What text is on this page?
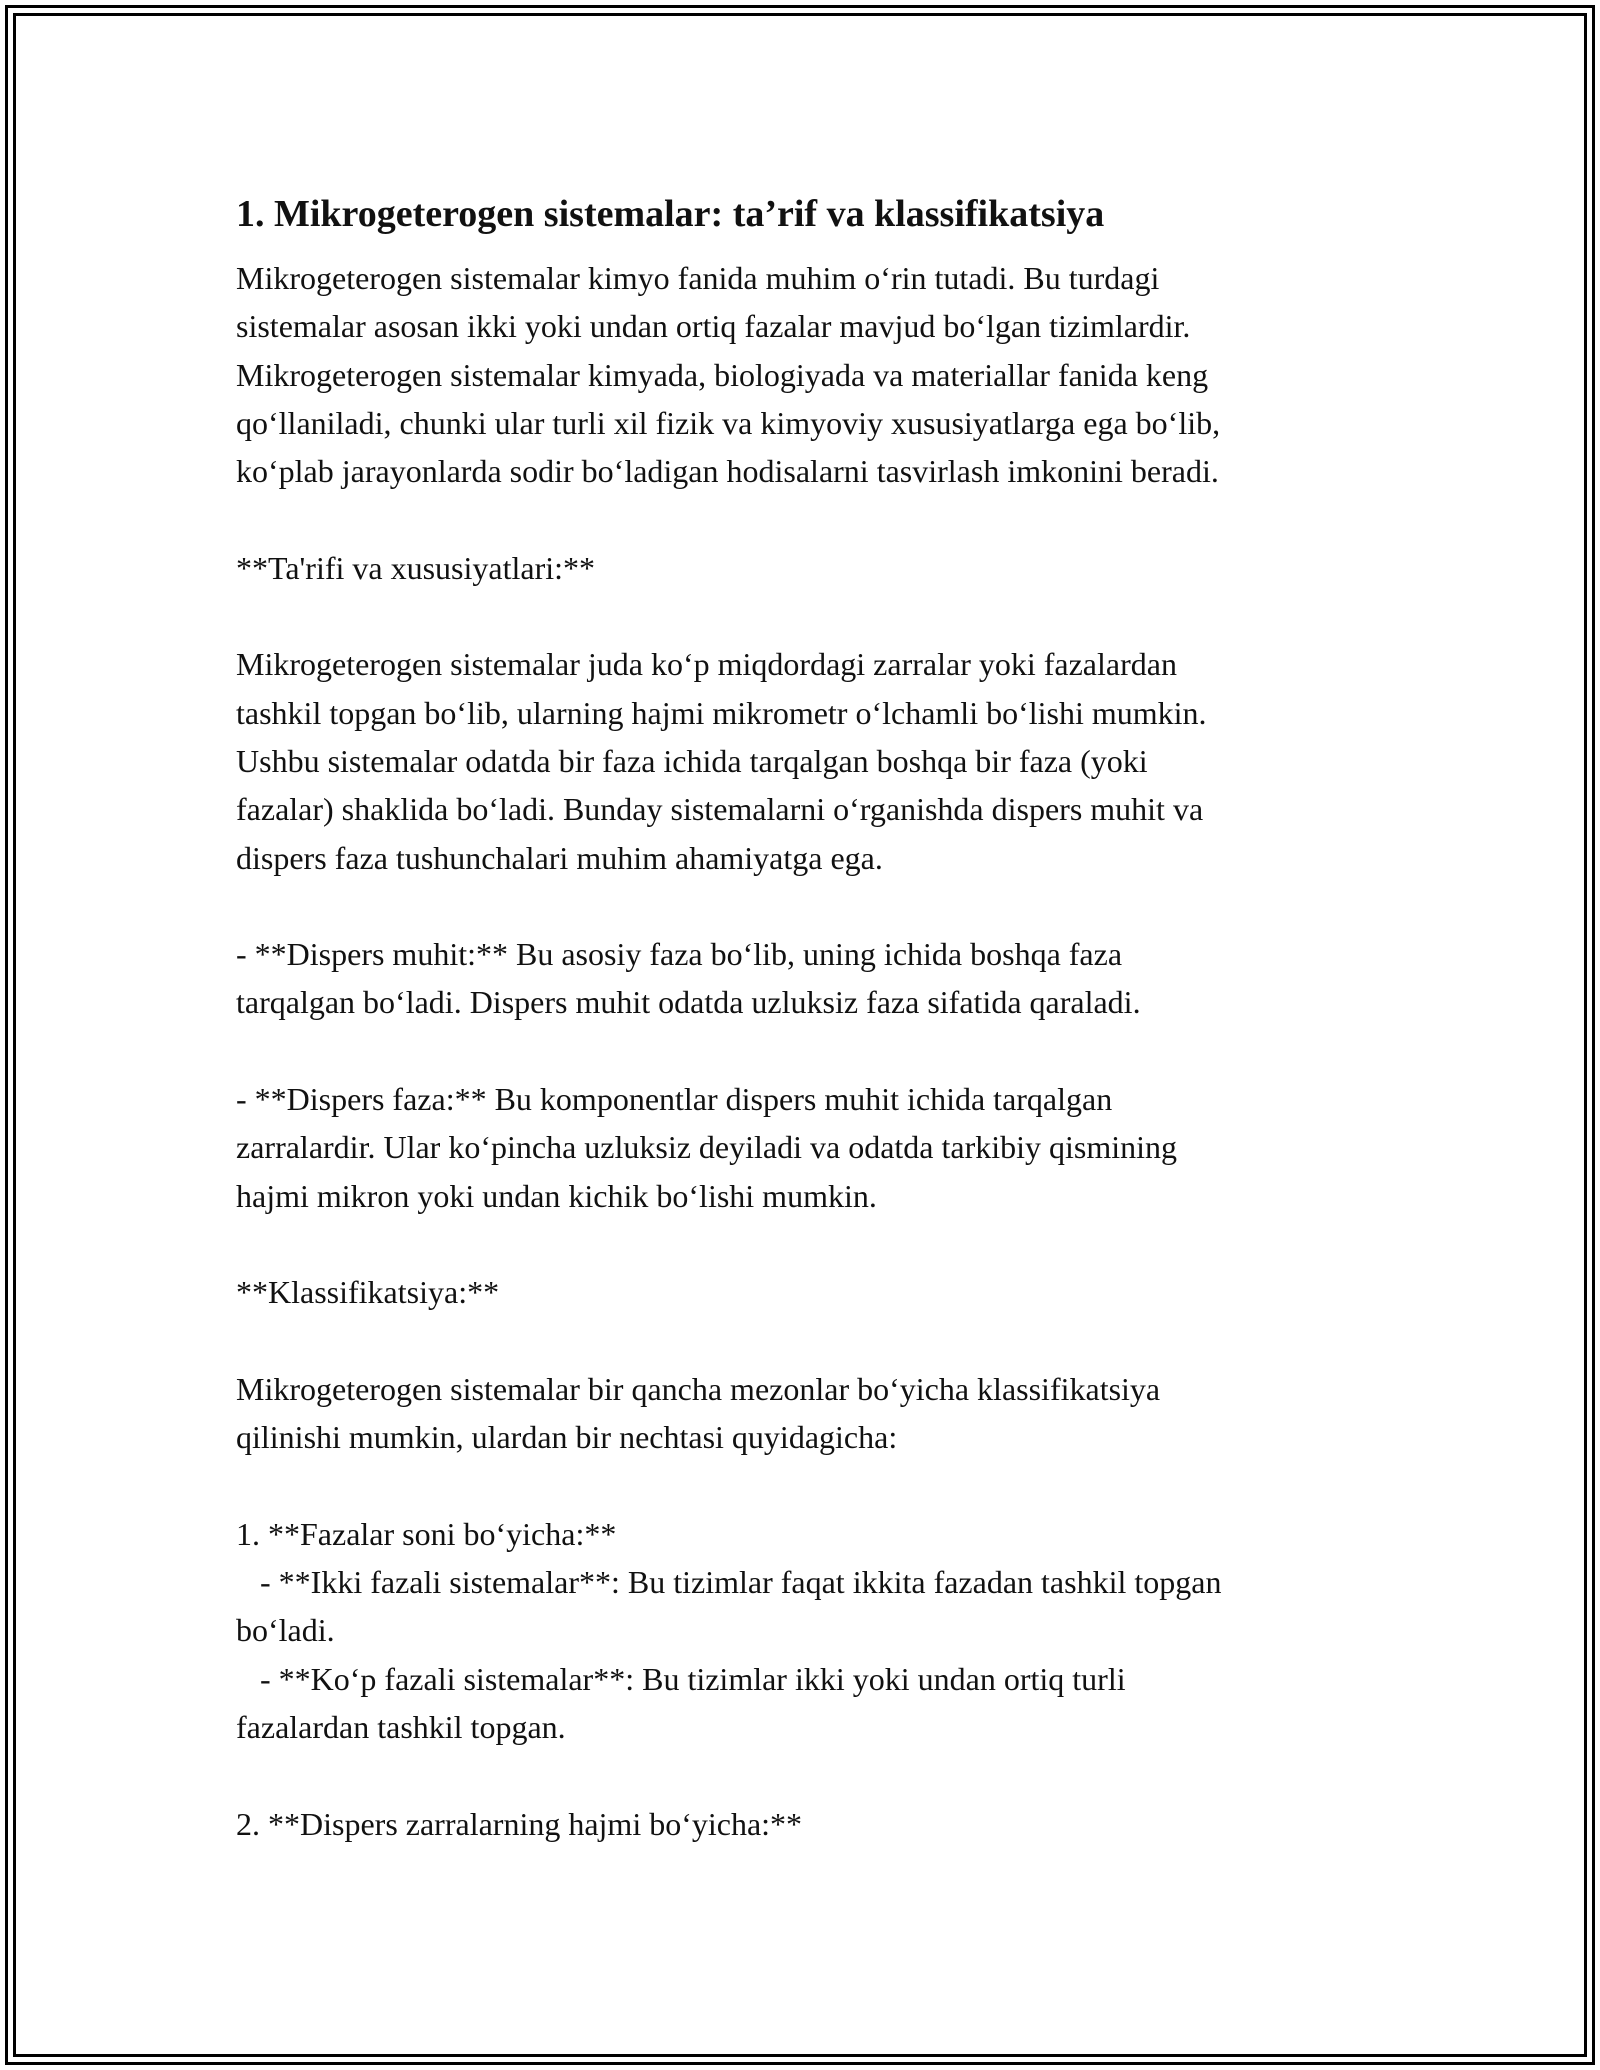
1. Mikrogeterogen sistemalar: ta’rif va klassifikatsiya
Mikrogeterogen sistemalar kimyo fanida muhim o‘rin tutadi. Bu turdagi
sistemalar asosan ikki yoki undan ortiq fazalar mavjud bo‘lgan tizimlardir.
Mikrogeterogen sistemalar kimyada, biologiyada va materiallar fanida keng
qo‘llaniladi, chunki ular turli xil fizik va kimyoviy xususiyatlarga ega bo‘lib,
ko‘plab jarayonlarda sodir bo‘ladigan hodisalarni tasvirlash imkonini beradi.
**Ta'rifi va xususiyatlari:**
Mikrogeterogen sistemalar juda ko‘p miqdordagi zarralar yoki fazalardan
tashkil topgan bo‘lib, ularning hajmi mikrometr o‘lchamli bo‘lishi mumkin.
Ushbu sistemalar odatda bir faza ichida tarqalgan boshqa bir faza (yoki
fazalar) shaklida bo‘ladi. Bunday sistemalarni o‘rganishda dispers muhit va
dispers faza tushunchalari muhim ahamiyatga ega.
- **Dispers muhit:** Bu asosiy faza bo‘lib, uning ichida boshqa faza
tarqalgan bo‘ladi. Dispers muhit odatda uzluksiz faza sifatida qaraladi.
- **Dispers faza:** Bu komponentlar dispers muhit ichida tarqalgan
zarralardir. Ular ko‘pincha uzluksiz deyiladi va odatda tarkibiy qismining
hajmi mikron yoki undan kichik bo‘lishi mumkin.
**Klassifikatsiya:**
Mikrogeterogen sistemalar bir qancha mezonlar bo‘yicha klassifikatsiya
qilinishi mumkin, ulardan bir nechtasi quyidagicha:
1. **Fazalar soni bo‘yicha:**
- **Ikki fazali sistemalar**: Bu tizimlar faqat ikkita fazadan tashkil topgan
bo‘ladi.
- **Ko‘p fazali sistemalar**: Bu tizimlar ikki yoki undan ortiq turli
fazalardan tashkil topgan.
2. **Dispers zarralarning hajmi bo‘yicha:**
